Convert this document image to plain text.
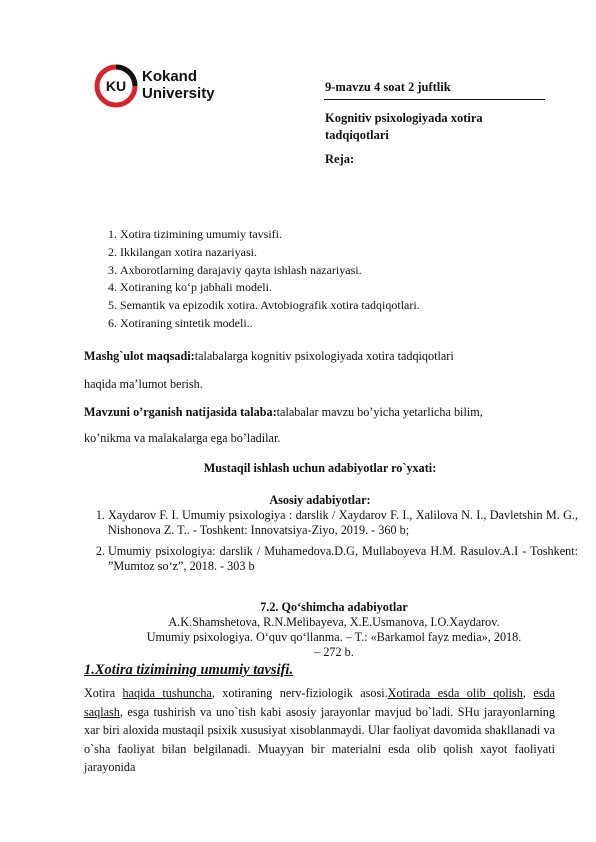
KU
Kokand
University	9-mavzu 4 soat 2 juftlik
Kognitiv psixologiyada xotira tadqiqotlari
Reja:
1. Xotira tizimining umumiy tavsifi.
2. Ikkilangan xotira nazariyasi.
3. Axborotlarning darajaviy qayta ishlash nazariyasi.
4. Xotiraning ko‘p jabhali modeli.
5. Semantik va epizodik xotira. Avtobiografik xotira tadqiqotlari.
6. Xotiraning sintetik modeli..
Mashg`ulot maqsadi:talabalarga kognitiv psixologiyada xotira tadqiqotlari
haqida ma’lumot berish.
Mavzuni o’rganish natijasida talaba:talabalar mavzu bo’yicha yetarlicha bilim,
ko’nikma va malakalarga ega bo’ladilar.
Mustaqil ishlash uchun adabiyotlar ro`yxati:
Asosiy adabiyotlar:
1. Xaydarov F. I. Umumiy psixologiya : darslik / Xaydarov F. I., Xalilova N. I., Davletshin M. G., Nishonova Z. T.. - Toshkent: Innovatsiya-Ziyo, 2019. - 360 b;
2. Umumiy psixologiya: darslik / Muhamedova.D.G, Mullaboyeva H.M. Rasulov.A.I - Toshkent: ”Mumtoz so‘z”, 2018. - 303 b
7.2. Qo‘shimcha adabiyotlar
A.K.Shamshetova, R.N.Melibayeva, X.E.Usmanova, I.O.Xaydarov.
Umumiy psixologiya. O‘quv qo‘llanma. – T.: «Barkamol fayz media», 2018.
– 272 b.
1.Xotira tizimining umumiy tavsifi.
Xotira haqida tushuncha, xotiraning nerv-fiziologik asosi.Xotirada esda olib qolish, esda saqlash, esga tushirish va uno`tish kabi asosiy jarayonlar mavjud bo`ladi. SHu jarayonlarning xar biri aloxida mustaqil psixik xususiyat xisoblanmaydi. Ular faoliyat davomida shakllanadi va o`sha faoliyat bilan belgilanadi. Muayyan bir materialni esda olib qolish xayot faoliyati jarayonida
